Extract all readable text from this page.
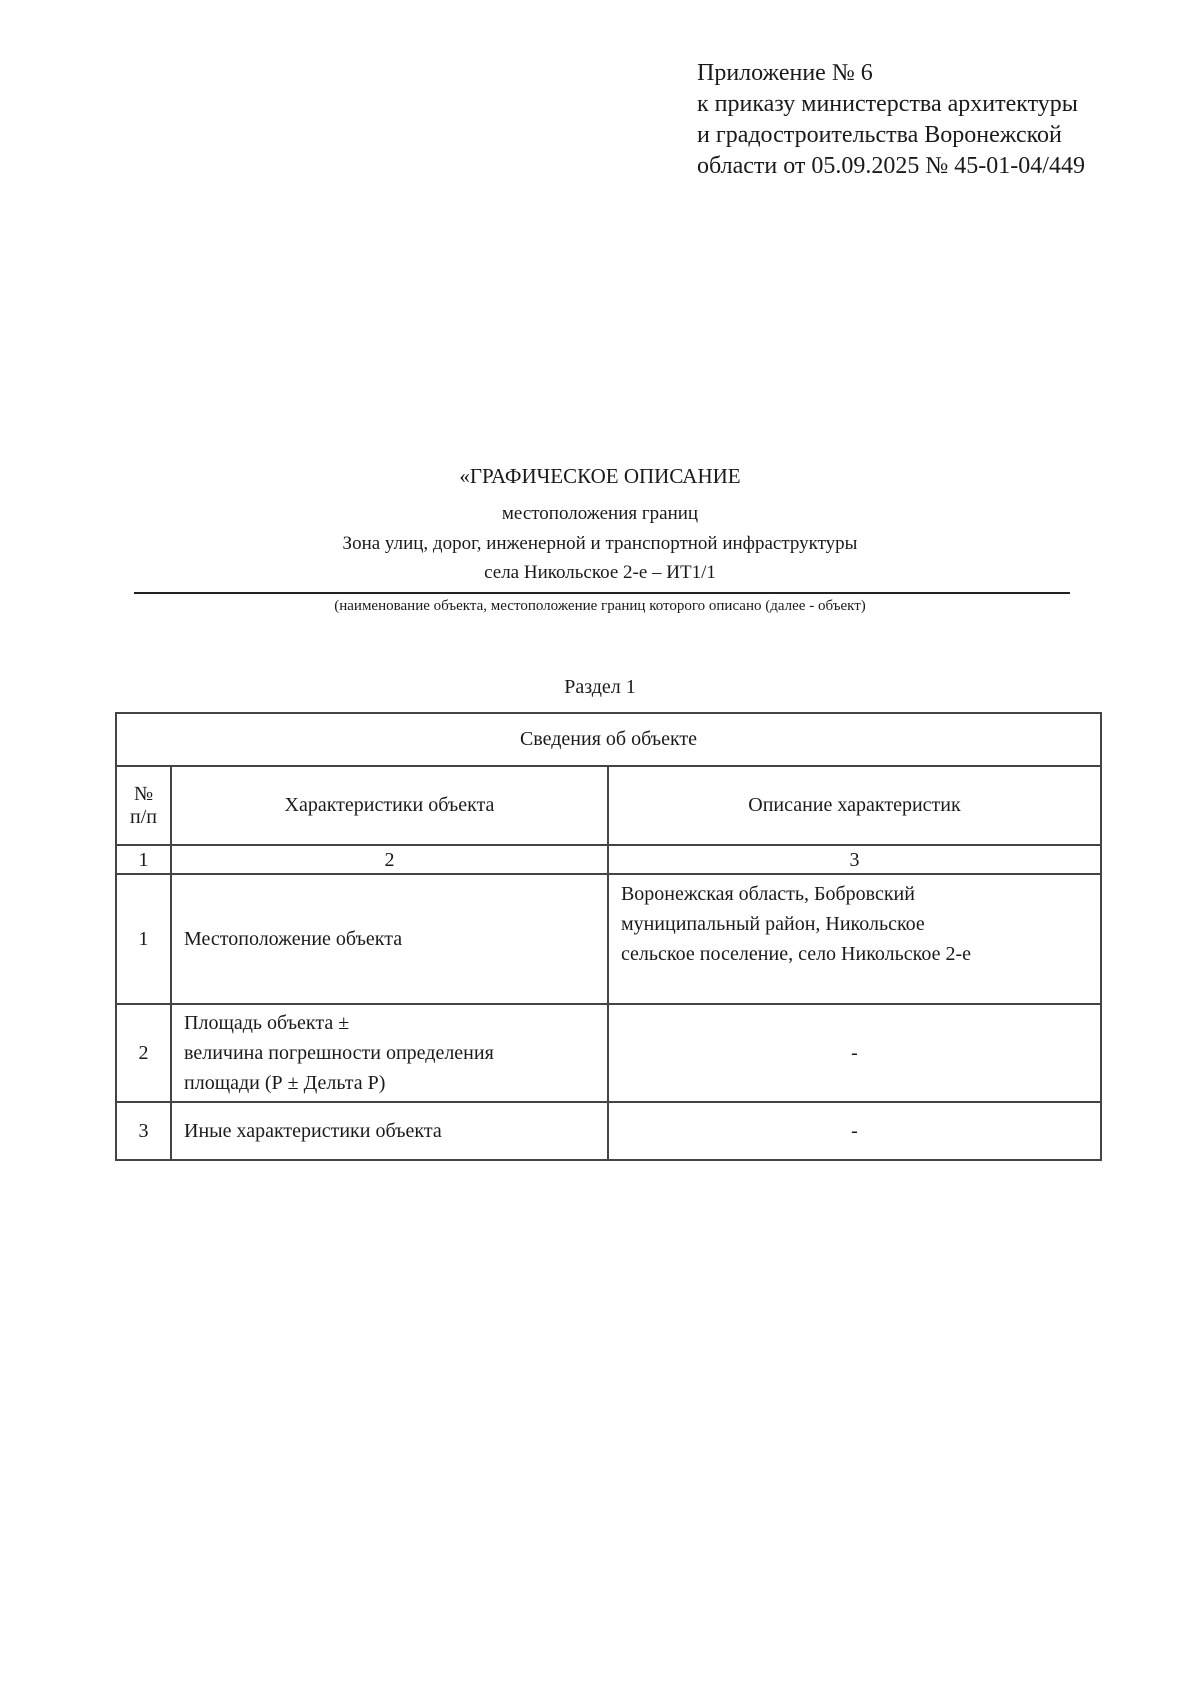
Приложение № 6
к приказу министерства архитектуры
и градостроительства Воронежской
области от 05.09.2025 № 45-01-04/449
«ГРАФИЧЕСКОЕ ОПИСАНИЕ
местоположения границ
Зона улиц, дорог, инженерной и транспортной инфраструктуры
села Никольское 2-е – ИТ1/1
(наименование объекта, местоположение границ которого описано (далее - объект)
Раздел 1
Сведения об объекте		

№
п/п	Характеристики объекта	Описание характеристик
1	2	3
1	Местоположение объекта	Воронежская область, Бобровский
муниципальный район, Никольское
сельское поселение, село Никольское 2-е

2	Площадь объекта ±
величина погрешности определения
площади (Р ± Дельта Р)	-
3	Иные характеристики объекта	-
